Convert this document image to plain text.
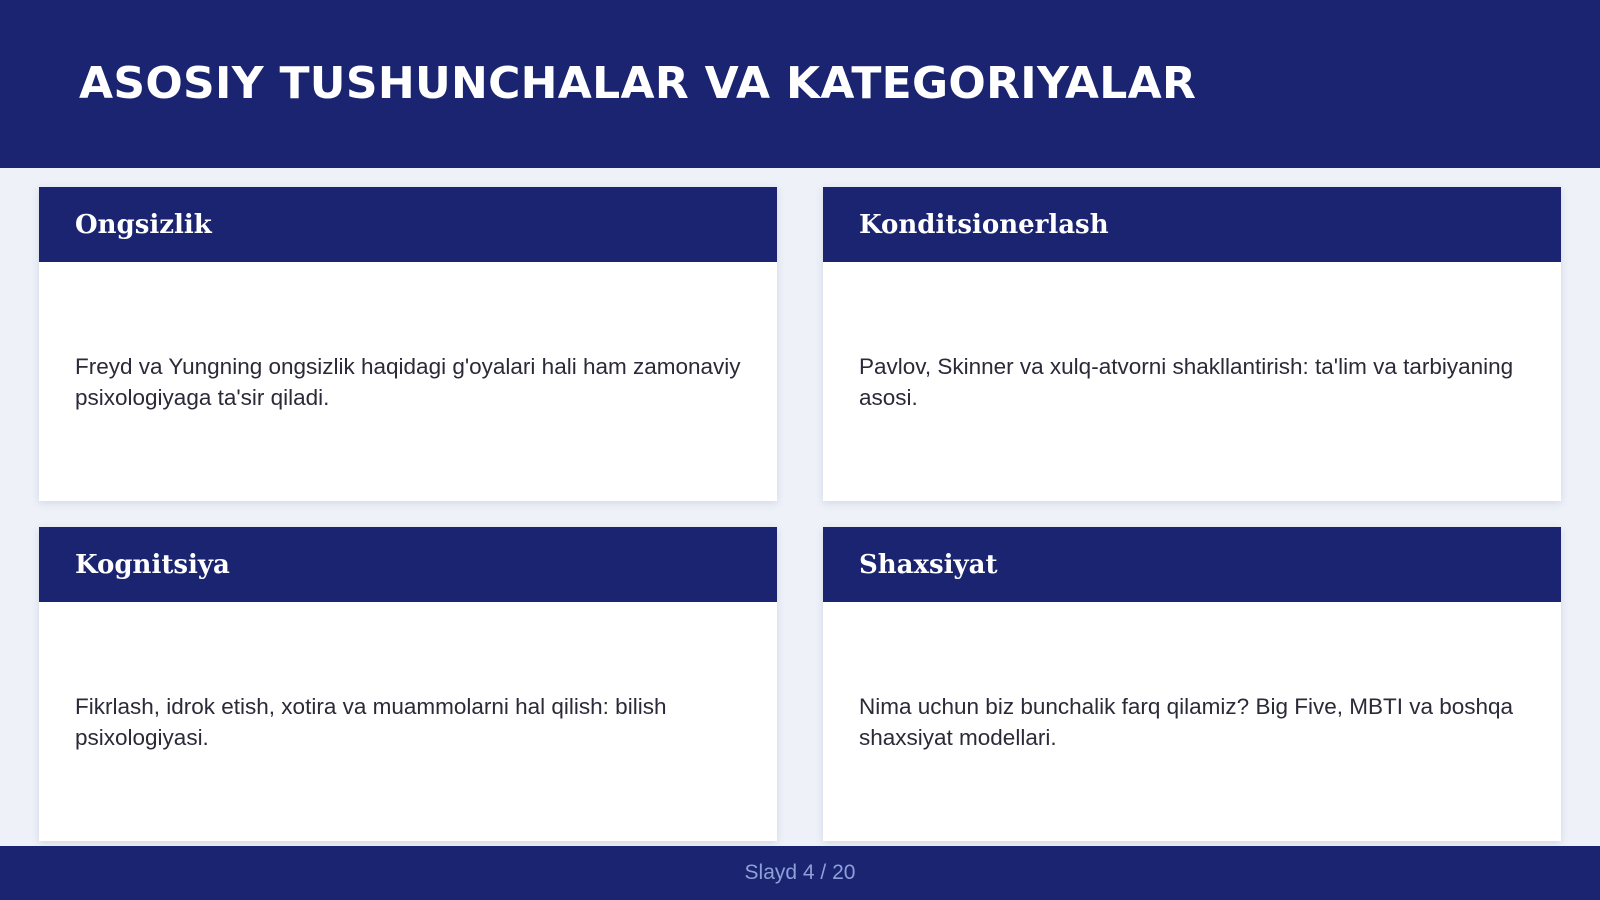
ASOSIY TUSHUNCHALAR VA KATEGORIYALAR
Ongsizlik

Freyd va Yungning ongsizlik haqidagi g'oyalari hali ham zamonaviy psixologiyaga ta'sir qiladi.

Konditsionerlash

Pavlov, Skinner va xulq-atvorni shakllantirish: ta'lim va tarbiyaning asosi.

Kognitsiya

Fikrlash, idrok etish, xotira va muammolarni hal qilish: bilish psixologiyasi.

Shaxsiyat

Nima uchun biz bunchalik farq qilamiz? Big Five, MBTI va boshqa shaxsiyat modellari.

Slayd 4 / 20
